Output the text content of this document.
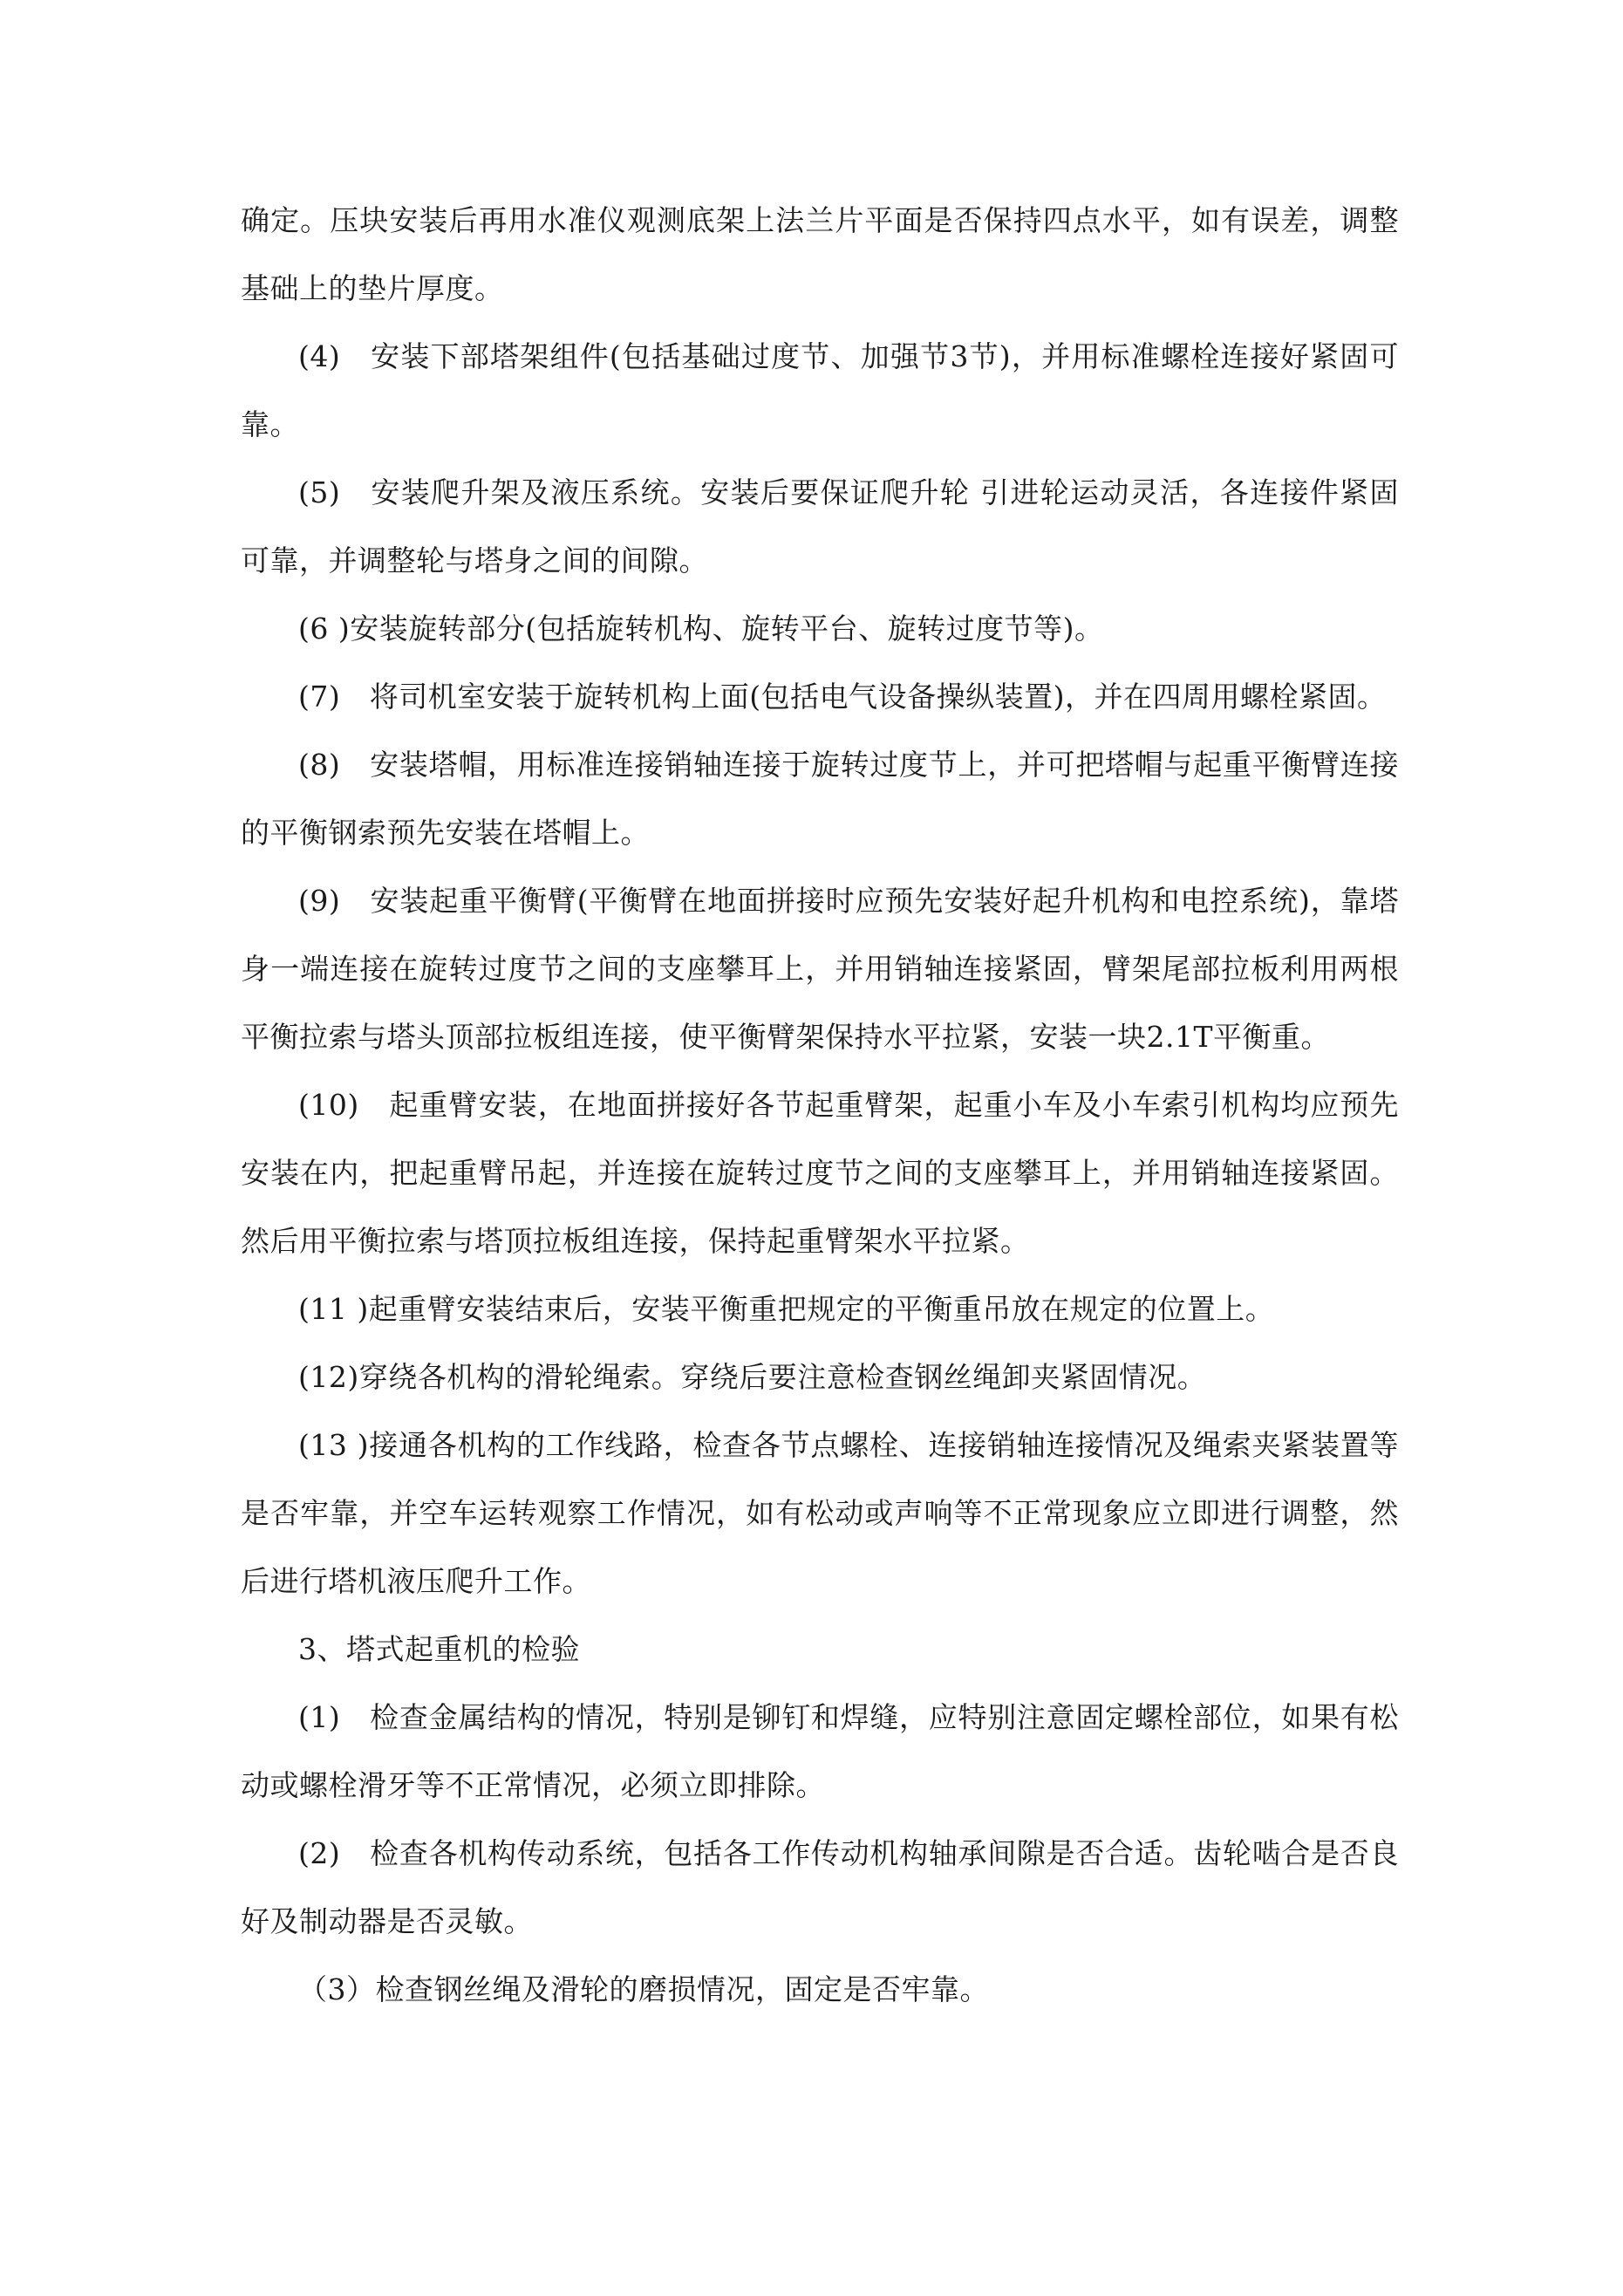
确定。压块安装后再用水准仪观测底架上法兰片平面是否保持四点水平，如有误差，调整基础上的垫片厚度。

(4)　安装下部塔架组件(包括基础过度节、加强节3节)，并用标准螺栓连接好紧固可靠。

(5)　安装爬升架及液压系统。安装后要保证爬升轮 引进轮运动灵活，各连接件紧固可靠，并调整轮与塔身之间的间隙。

(6 )安装旋转部分(包括旋转机构、旋转平台、旋转过度节等)。

(7)　将司机室安装于旋转机构上面(包括电气设备操纵装置)，并在四周用螺栓紧固。

(8)　安装塔帽，用标准连接销轴连接于旋转过度节上，并可把塔帽与起重平衡臂连接的平衡钢索预先安装在塔帽上。

(9)　安装起重平衡臂(平衡臂在地面拼接时应预先安装好起升机构和电控系统)，靠塔身一端连接在旋转过度节之间的支座攀耳上，并用销轴连接紧固，臂架尾部拉板利用两根平衡拉索与塔头顶部拉板组连接，使平衡臂架保持水平拉紧，安装一块2.1T平衡重。

(10)　起重臂安装，在地面拼接好各节起重臂架，起重小车及小车索引机构均应预先安装在内，把起重臂吊起，并连接在旋转过度节之间的支座攀耳上，并用销轴连接紧固。然后用平衡拉索与塔顶拉板组连接，保持起重臂架水平拉紧。

(11 )起重臂安装结束后，安装平衡重把规定的平衡重吊放在规定的位置上。

(12)穿绕各机构的滑轮绳索。穿绕后要注意检查钢丝绳卸夹紧固情况。

(13 )接通各机构的工作线路，检查各节点螺栓、连接销轴连接情况及绳索夹紧装置等是否牢靠，并空车运转观察工作情况，如有松动或声响等不正常现象应立即进行调整，然后进行塔机液压爬升工作。

3、塔式起重机的检验

(1)　检查金属结构的情况，特别是铆钉和焊缝，应特别注意固定螺栓部位，如果有松动或螺栓滑牙等不正常情况，必须立即排除。

(2)　检查各机构传动系统，包括各工作传动机构轴承间隙是否合适。齿轮啮合是否良好及制动器是否灵敏。

（3）检查钢丝绳及滑轮的磨损情况，固定是否牢靠。
